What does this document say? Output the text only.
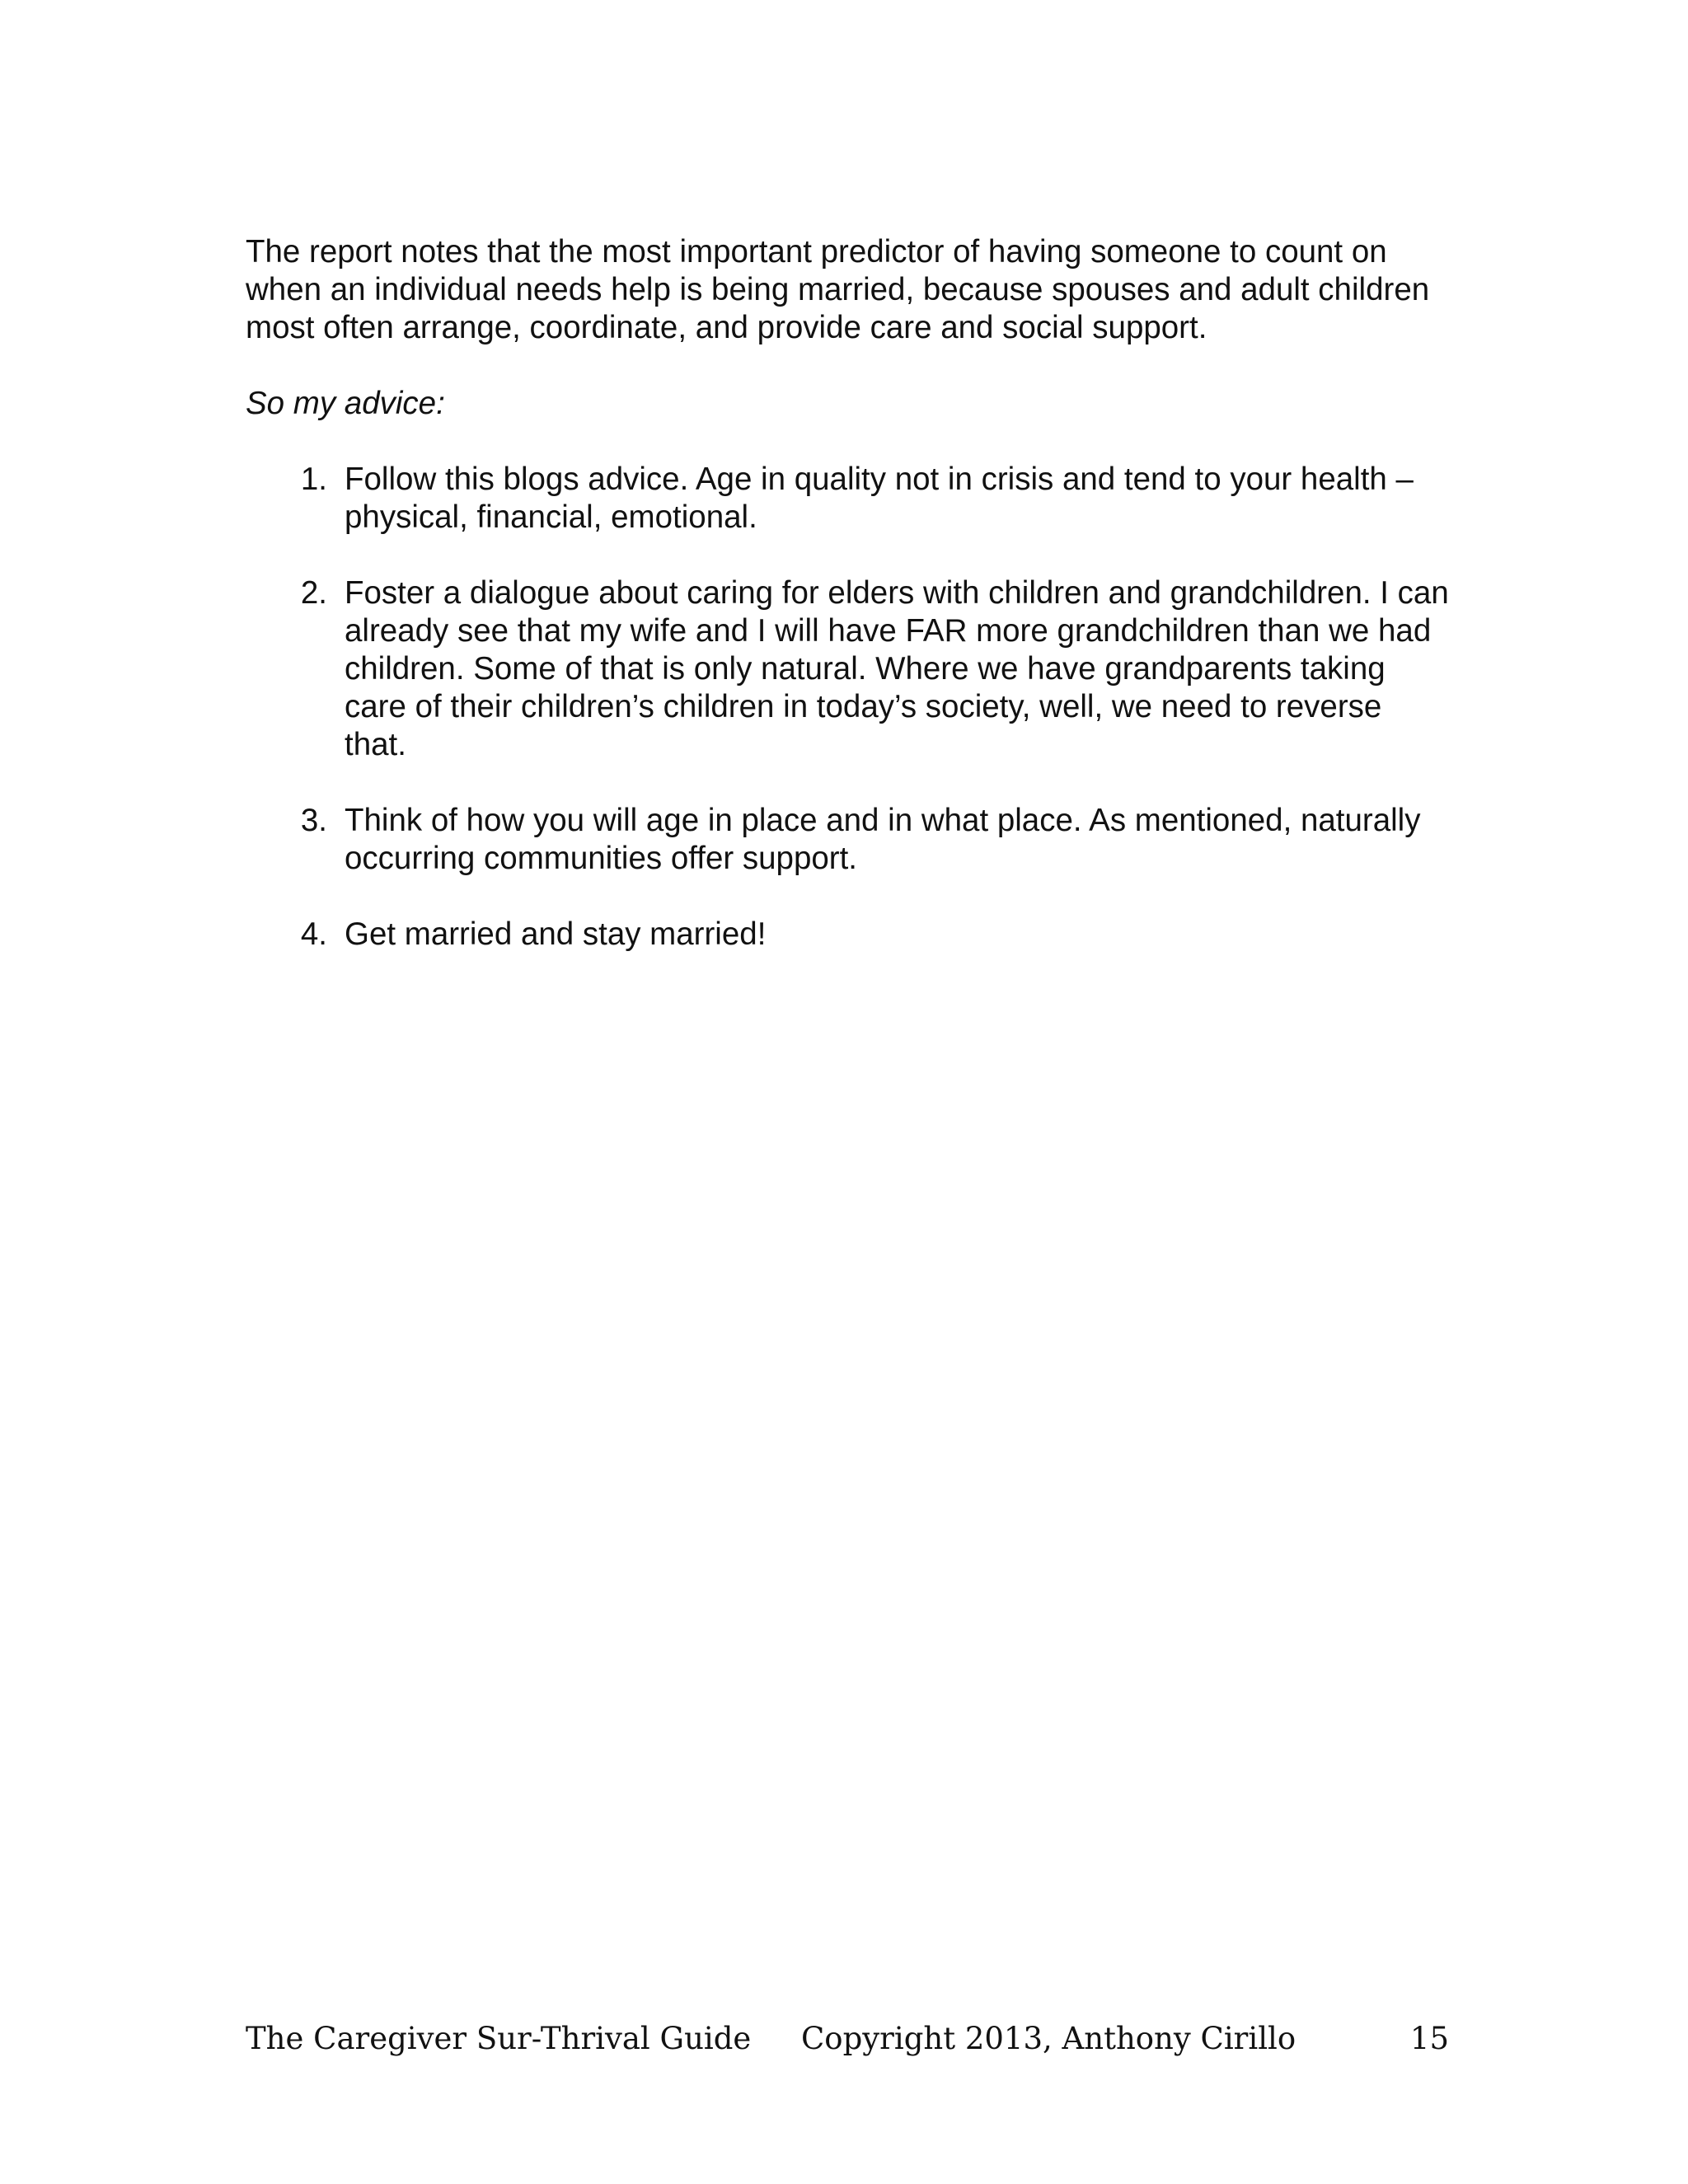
The report notes that the most important predictor of having someone to count on when an individual needs help is being married, because spouses and adult children most often arrange, coordinate, and provide care and social support.

So my advice:

1. Follow this blogs advice. Age in quality not in crisis and tend to your health – physical, financial, emotional.
2. Foster a dialogue about caring for elders with children and grandchildren. I can already see that my wife and I will have FAR more grandchildren than we had children. Some of that is only natural. Where we have grandparents taking care of their children’s children in today’s society, well, we need to reverse that.
3. Think of how you will age in place and in what place. As mentioned, naturally occurring communities offer support.
4. Get married and stay married!
The Caregiver Sur-Thrival Guide Copyright 2013, Anthony Cirillo	15
